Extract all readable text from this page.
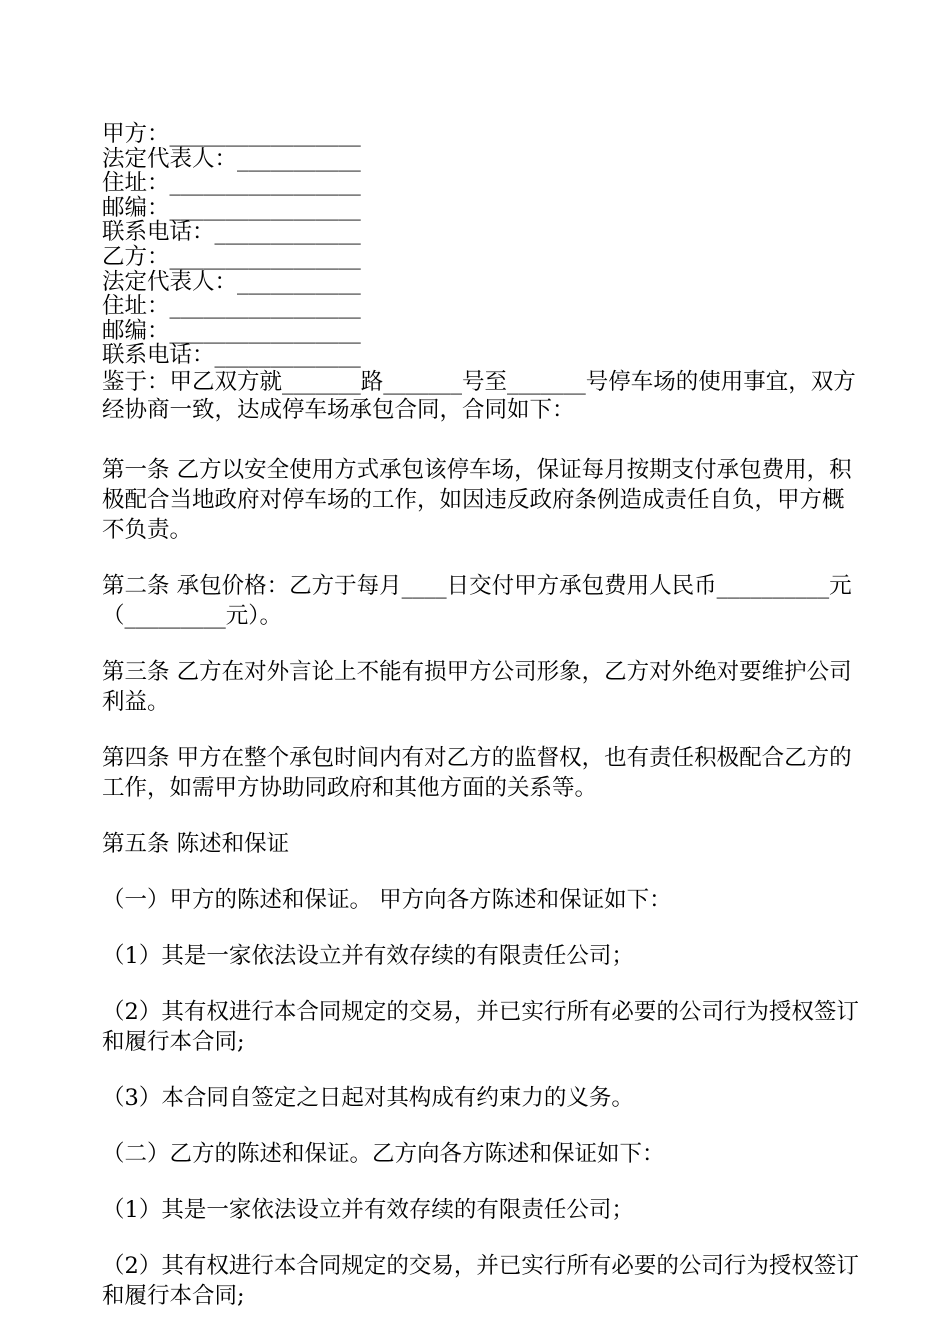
甲方：_________________
法定代表人：___________
住址：_________________
邮编：_________________
联系电话：_____________
乙方：_________________
法定代表人：___________
住址：_________________
邮编：_________________
联系电话：_____________

鉴于：甲乙双方就_______路_______号至_______号停车场的使用事宜，双方经协商一致，达成停车场承包合同，合同如下：

第一条 乙方以安全使用方式承包该停车场，保证每月按期支付承包费用，积极配合当地政府对停车场的工作，如因违反政府条例造成责任自负，甲方概不负责。

第二条 承包价格：乙方于每月____日交付甲方承包费用人民币__________元（_________元）。

第三条 乙方在对外言论上不能有损甲方公司形象，乙方对外绝对要维护公司利益。

第四条 甲方在整个承包时间内有对乙方的监督权，也有责任积极配合乙方的工作，如需甲方协助同政府和其他方面的关系等。

第五条 陈述和保证

（一）甲方的陈述和保证。 甲方向各方陈述和保证如下：

（1）其是一家依法设立并有效存续的有限责任公司；

（2）其有权进行本合同规定的交易，并已实行所有必要的公司行为授权签订和履行本合同;

（3）本合同自签定之日起对其构成有约束力的义务。

（二）乙方的陈述和保证。乙方向各方陈述和保证如下：

（1）其是一家依法设立并有效存续的有限责任公司；

（2）其有权进行本合同规定的交易，并已实行所有必要的公司行为授权签订和履行本合同;
